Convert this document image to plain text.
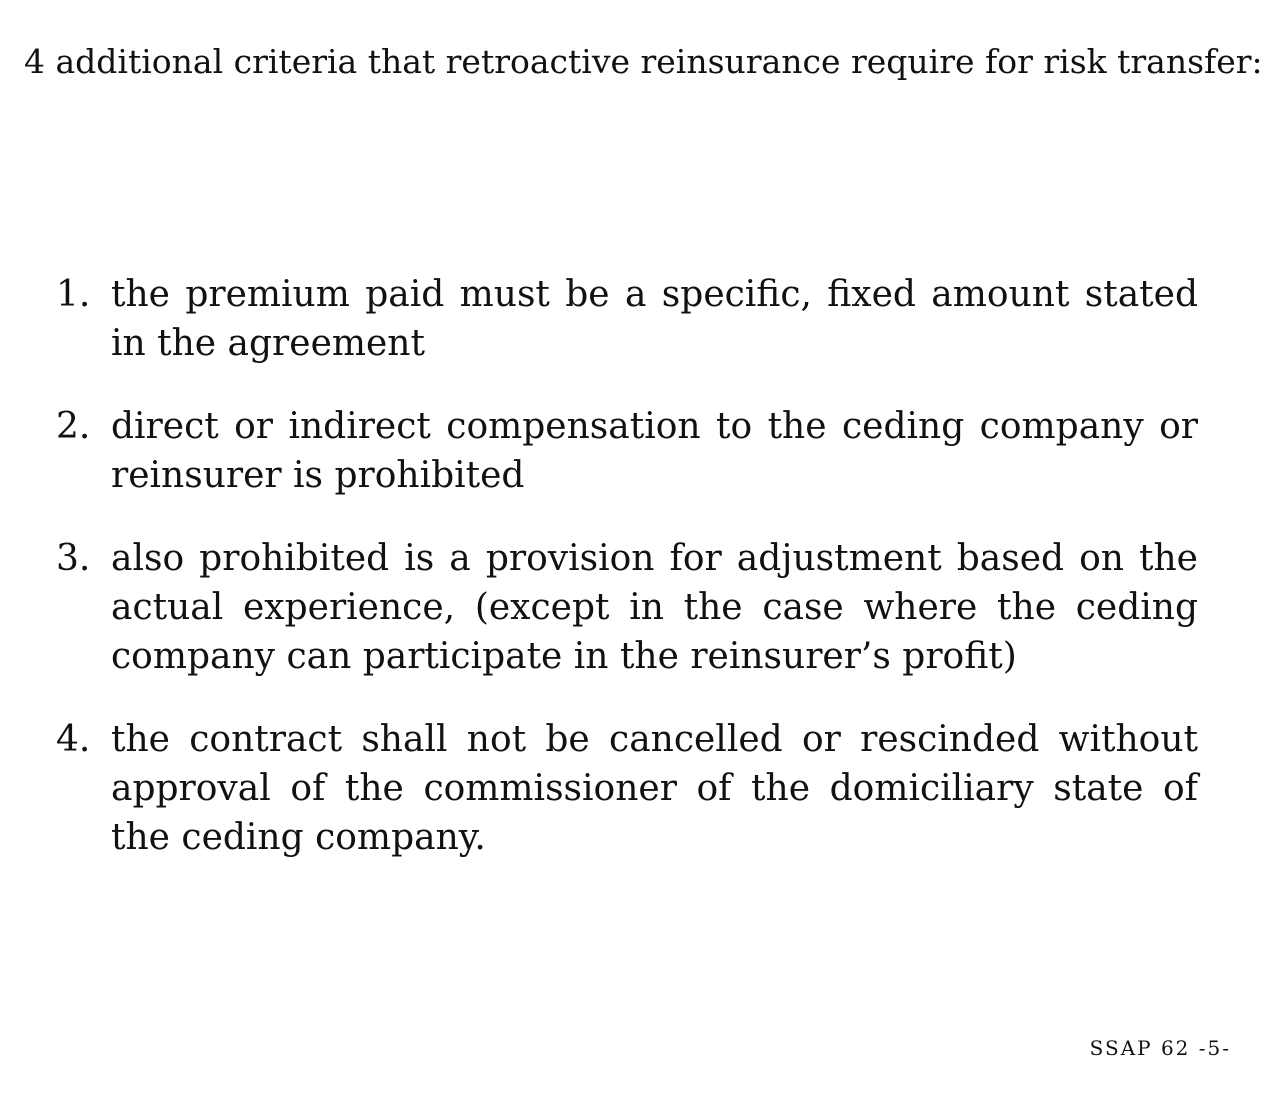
4 additional criteria that retroactive reinsurance require for risk transfer:
1. the premium paid must be a specific, fixed amount stated in the agreement
2. direct or indirect compensation to the ceding company or reinsurer is prohibited
3. also prohibited is a provision for adjustment based on the actual experience, (except in the case where the ceding company can participate in the reinsurer’s profit)
4. the contract shall not be cancelled or rescinded without approval of the commissioner of the domiciliary state of the ceding company.
SSAP 62 -5-
